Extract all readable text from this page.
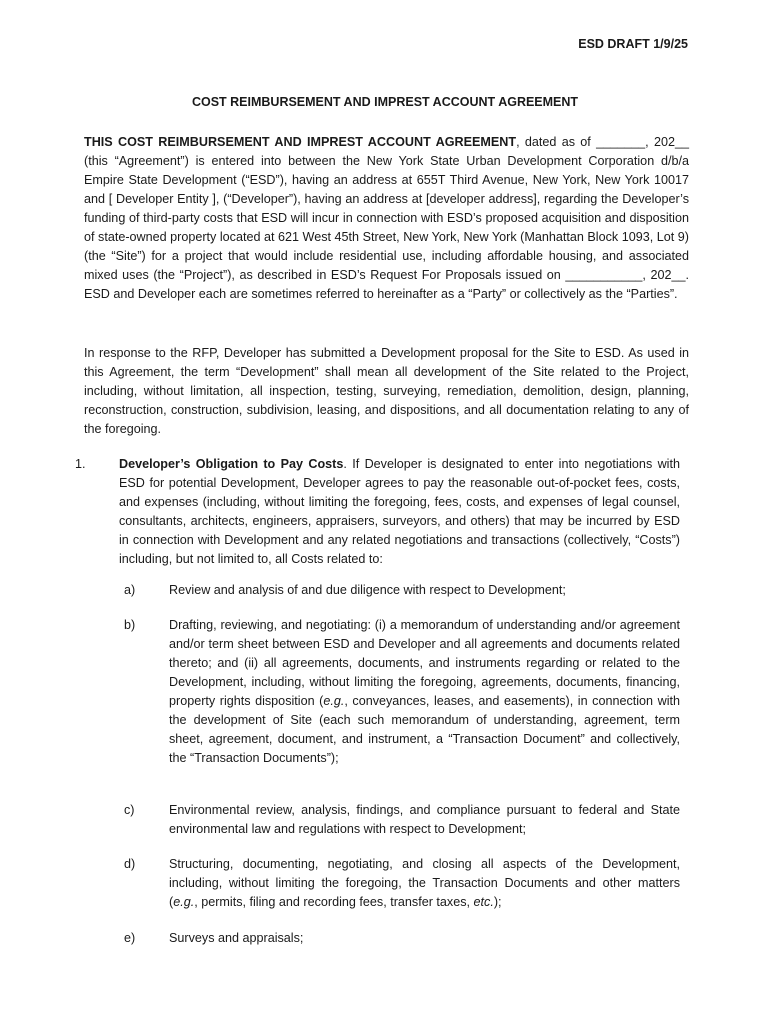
ESD DRAFT 1/9/25
COST REIMBURSEMENT AND IMPREST ACCOUNT AGREEMENT

THIS COST REIMBURSEMENT AND IMPREST ACCOUNT AGREEMENT, dated as of _______, 202__ (this “Agreement”) is entered into between the New York State Urban Development Corporation d/b/a Empire State Development (“ESD”), having an address at 655T Third Avenue, New York, New York 10017 and [ Developer Entity ], (“Developer”), having an address at [developer address], regarding the Developer’s funding of third-party costs that ESD will incur in connection with ESD’s proposed acquisition and disposition of state-owned property located at 621 West 45th Street, New York, New York (Manhattan Block 1093, Lot 9) (the “Site”) for a project that would include residential use, including affordable housing, and associated mixed uses (the “Project”), as described in ESD’s Request For Proposals issued on ___________, 202__. ESD and Developer each are sometimes referred to hereinafter as a “Party” or collectively as the “Parties”.

In response to the RFP, Developer has submitted a Development proposal for the Site to ESD. As used in this Agreement, the term “Development” shall mean all development of the Site related to the Project, including, without limitation, all inspection, testing, surveying, remediation, demolition, design, planning, reconstruction, construction, subdivision, leasing, and dispositions, and all documentation relating to any of the foregoing.

1.	Developer’s Obligation to Pay Costs. If Developer is designated to enter into negotiations with ESD for potential Development, Developer agrees to pay the reasonable out-of-pocket fees, costs, and expenses (including, without limiting the foregoing, fees, costs, and expenses of legal counsel, consultants, architects, engineers, appraisers, surveyors, and others) that may be incurred by ESD in connection with Development and any related negotiations and transactions (collectively, “Costs”) including, but not limited to, all Costs related to:

a)	Review and analysis of and due diligence with respect to Development;

b)	Drafting, reviewing, and negotiating: (i) a memorandum of understanding and/or agreement and/or term sheet between ESD and Developer and all agreements and documents related thereto; and (ii) all agreements, documents, and instruments regarding or related to the Development, including, without limiting the foregoing, agreements, documents, financing, property rights disposition (e.g., conveyances, leases, and easements), in connection with the development of Site (each such memorandum of understanding, agreement, term sheet, agreement, document, and instrument, a “Transaction Document” and collectively, the “Transaction Documents”);

c)	Environmental review, analysis, findings, and compliance pursuant to federal and State environmental law and regulations with respect to Development;

d)	Structuring, documenting, negotiating, and closing all aspects of the Development, including, without limiting the foregoing, the Transaction Documents and other matters (e.g., permits, filing and recording fees, transfer taxes, etc.);

e)	Surveys and appraisals;
